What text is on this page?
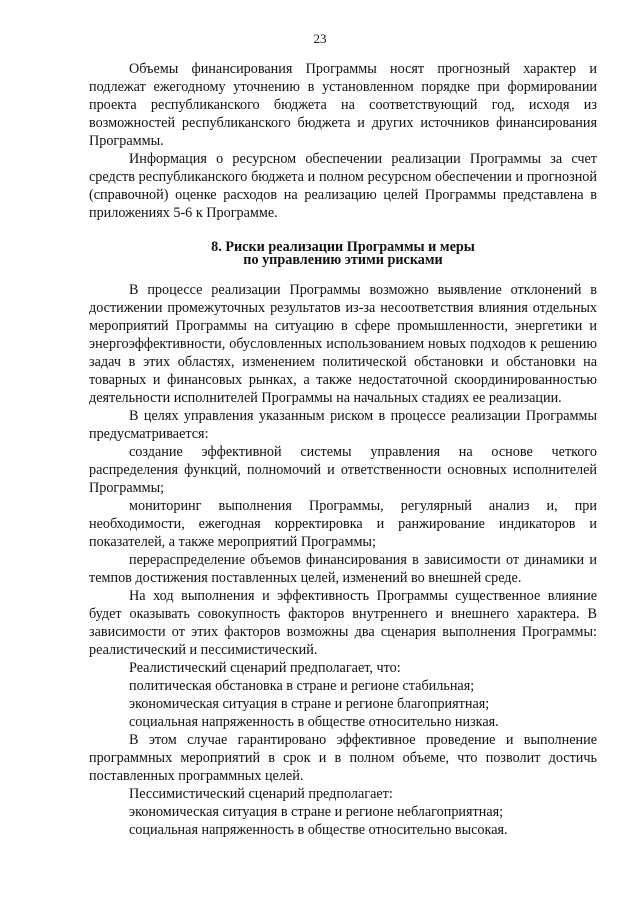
23

Объемы финансирования Программы носят прогнозный характер и подлежат ежегодному уточнению в установленном порядке при формировании проекта республиканского бюджета на соответствующий год, исходя из возможностей республиканского бюджета и других источников финансирования Программы.

Информация о ресурсном обеспечении реализации Программы за счет средств республиканского бюджета и полном ресурсном обеспечении и прогнозной (справочной) оценке расходов на реализацию целей Программы представлена в приложениях 5-6 к Программе.

8. Риски реализации Программы и меры
по управлению этими рисками

В процессе реализации Программы возможно выявление отклонений в достижении промежуточных результатов из-за несоответствия влияния отдельных мероприятий Программы на ситуацию в сфере промышленности, энергетики и энергоэффективности, обусловленных использованием новых подходов к решению задач в этих областях, изменением политической обстановки и обстановки на товарных и финансовых рынках, а также недостаточной скоординированностью деятельности исполнителей Программы на начальных стадиях ее реализации.

В целях управления указанным риском в процессе реализации Программы предусматривается:

создание эффективной системы управления на основе четкого распределения функций, полномочий и ответственности основных исполнителей Программы;

мониторинг выполнения Программы, регулярный анализ и, при необходимости, ежегодная корректировка и ранжирование индикаторов и показателей, а также мероприятий Программы;

перераспределение объемов финансирования в зависимости от динамики и темпов достижения поставленных целей, изменений во внешней среде.

На ход выполнения и эффективность Программы существенное влияние будет оказывать совокупность факторов внутреннего и внешнего характера. В зависимости от этих факторов возможны два сценария выполнения Программы: реалистический и пессимистический.

Реалистический сценарий предполагает, что:

политическая обстановка в стране и регионе стабильная;

экономическая ситуация в стране и регионе благоприятная;

социальная напряженность в обществе относительно низкая.

В этом случае гарантировано эффективное проведение и выполнение программных мероприятий в срок и в полном объеме, что позволит достичь поставленных программных целей.

Пессимистический сценарий предполагает:

экономическая ситуация в стране и регионе неблагоприятная;

социальная напряженность в обществе относительно высокая.
